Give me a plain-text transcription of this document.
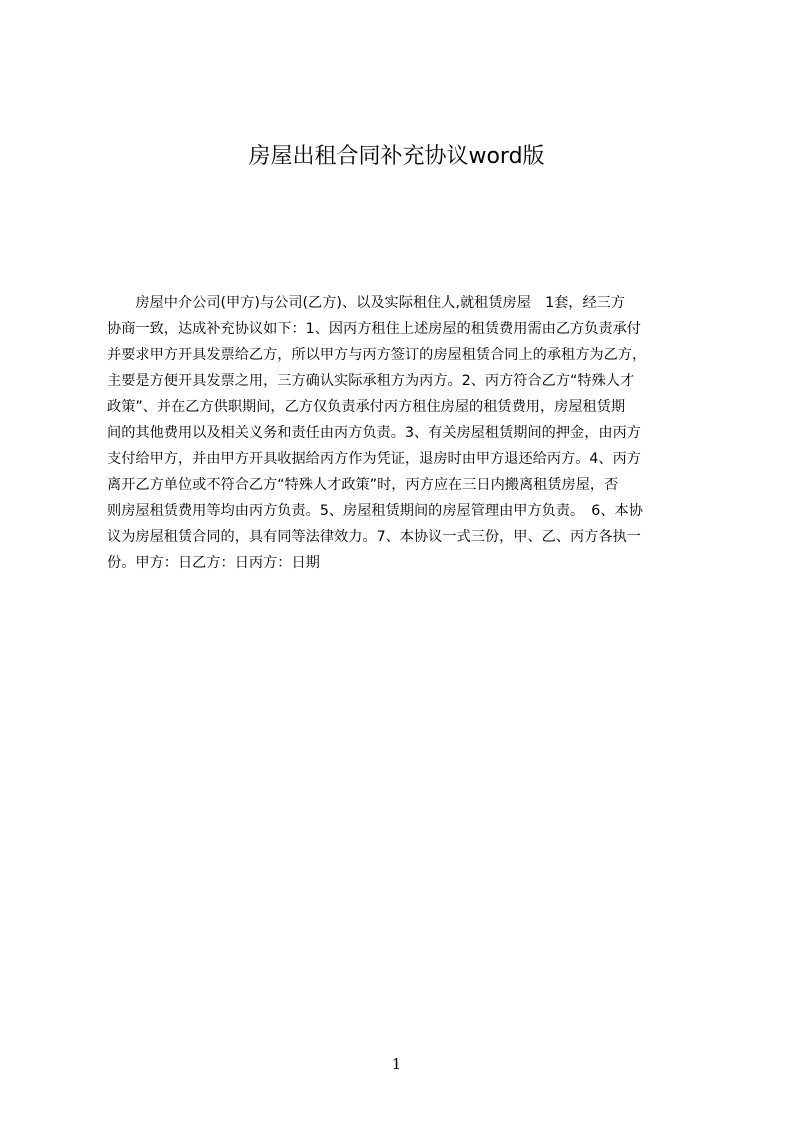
房屋出租合同补充协议word版
　　房屋中介公司(甲方)与公司(乙方)、以及实际租住人,就租赁房屋　1套，经三方
协商一致，达成补充协议如下：1、因丙方租住上述房屋的租赁费用需由乙方负责承付
并要求甲方开具发票给乙方，所以甲方与丙方签订的房屋租赁合同上的承租方为乙方，
主要是方便开具发票之用，三方确认实际承租方为丙方。2、丙方符合乙方“特殊人才
政策”、并在乙方供职期间，乙方仅负责承付丙方租住房屋的租赁费用，房屋租赁期
间的其他费用以及相关义务和责任由丙方负责。3、有关房屋租赁期间的押金，由丙方
支付给甲方，并由甲方开具收据给丙方作为凭证，退房时由甲方退还给丙方。4、丙方
离开乙方单位或不符合乙方“特殊人才政策”时，丙方应在三日内搬离租赁房屋，否
则房屋租赁费用等均由丙方负责。5、房屋租赁期间的房屋管理由甲方负责。　6、本协
议为房屋租赁合同的，具有同等法律效力。7、本协议一式三份，甲、乙、丙方各执一
份。甲方：日乙方：日丙方：日期
1
